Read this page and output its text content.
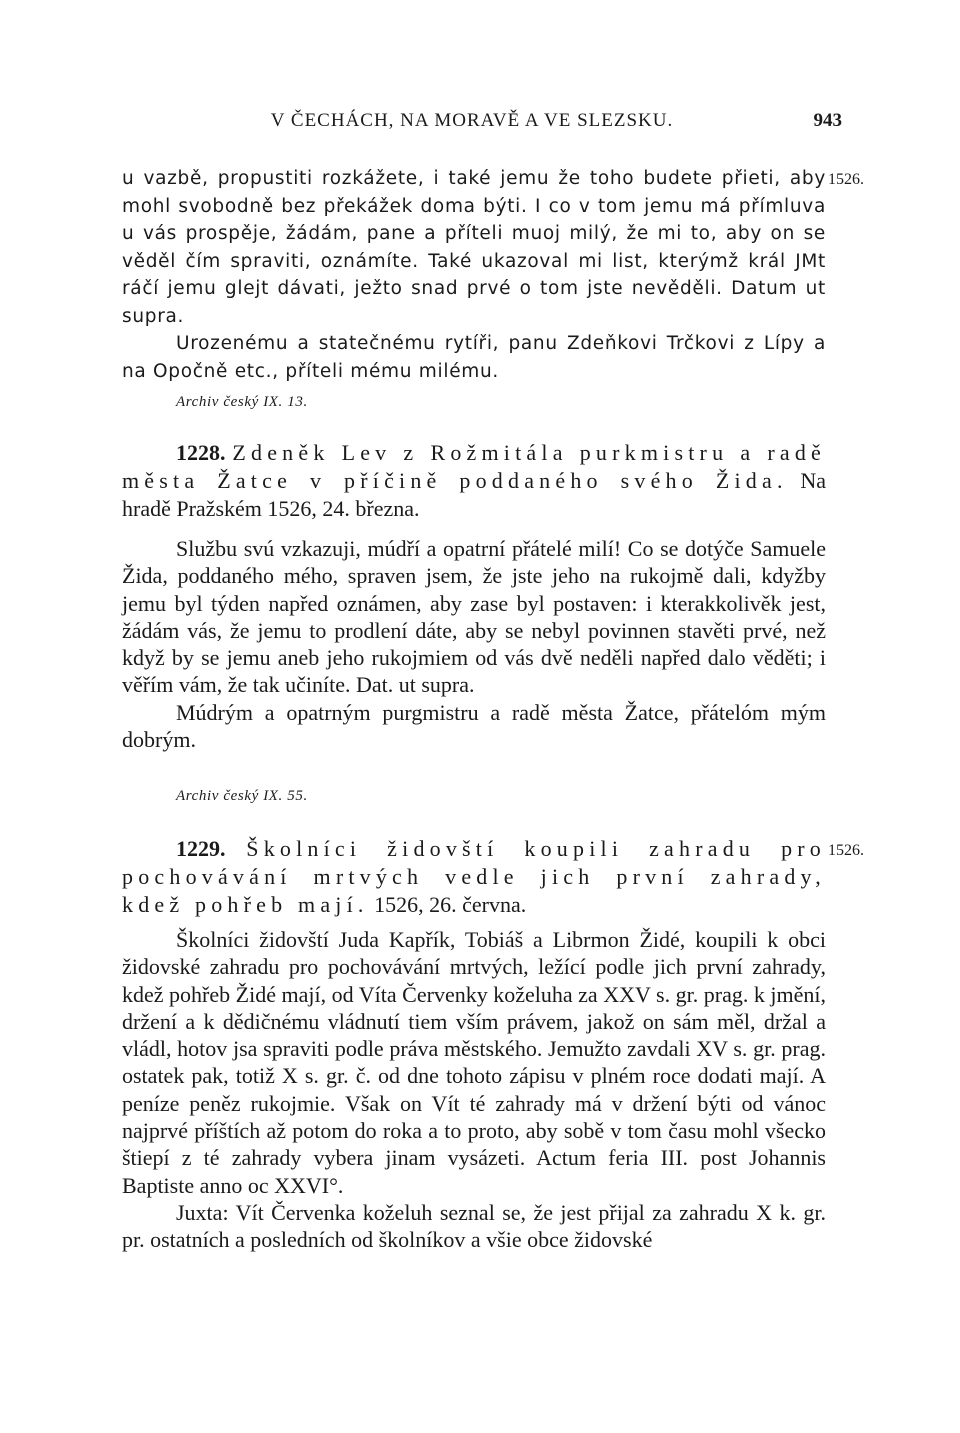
V ČECHÁCH, NA MORAVĚ A VE SLEZSKU.	943
1526.

u vazbě, propustiti rozkážete, i také jemu že toho budete přieti, aby mohl svobodně bez překážek doma býti. I co v tom jemu má přímluva u vás prospěje, žádám, pane a příteli muoj milý, že mi to, aby on se věděl čím spraviti, oznámíte. Také ukazoval mi list, kterýmž král JMt ráčí jemu glejt dávati, ježto snad prvé o tom jste nevěděli. Datum ut supra.

Urozenému a statečnému rytíři, panu Zdeňkovi Trčkovi z Lípy a na Opočně etc., příteli mému milému.

Archiv český IX. 13.
1228. Zdeněk Lev z Rožmitála purkmistru a radě města Žatce v příčině poddaného svého Žida. Na hradě Pražském 1526, 24. března.

Službu svú vzkazuji, múdří a opatrní přátelé milí! Co se dotýče Samuele Žida, poddaného mého, spraven jsem, že jste jeho na rukojmě dali, kdyžby jemu byl týden napřed oznámen, aby zase byl postaven: i kterakkolivěk jest, žádám vás, že jemu to prodlení dáte, aby se nebyl povinnen stavěti prvé, než když by se jemu aneb jeho rukojmiem od vás dvě neděli napřed dalo věděti; i věřím vám, že tak učiníte. Dat. ut supra.

Múdrým a opatrným purgmistru a radě města Žatce, přátelóm mým dobrým.

Archiv český IX. 55.
1526.
1229. Školníci židovští koupili zahradu pro pochovávání mrtvých vedle jich první zahrady, kdež pohřeb mají. 1526, 26. června.

Školníci židovští Juda Kapřík, Tobiáš a Librmon Židé, koupili k obci židovské zahradu pro pochovávání mrtvých, ležící podle jich první zahrady, kdež pohřeb Židé mají, od Víta Červenky koželuha za XXV s. gr. prag. k jmění, držení a k dědičnému vládnutí tiem vším právem, jakož on sám měl, držal a vládl, hotov jsa spraviti podle práva městského. Jemužto zavdali XV s. gr. prag. ostatek pak, totiž X s. gr. č. od dne tohoto zápisu v plném roce dodati mají. A peníze peněz rukojmie. Však on Vít té zahrady má v držení býti od vánoc najprvé příštích až potom do roka a to proto, aby sobě v tom času mohl všecko štiepí z té zahrady vybera jinam vysázeti. Actum feria III. post Johannis Baptiste anno oc XXVI°.

Juxta: Vít Červenka koželuh seznal se, že jest přijal za zahradu X k. gr. pr. ostatních a posledních od školníkov a všie obce židovské
